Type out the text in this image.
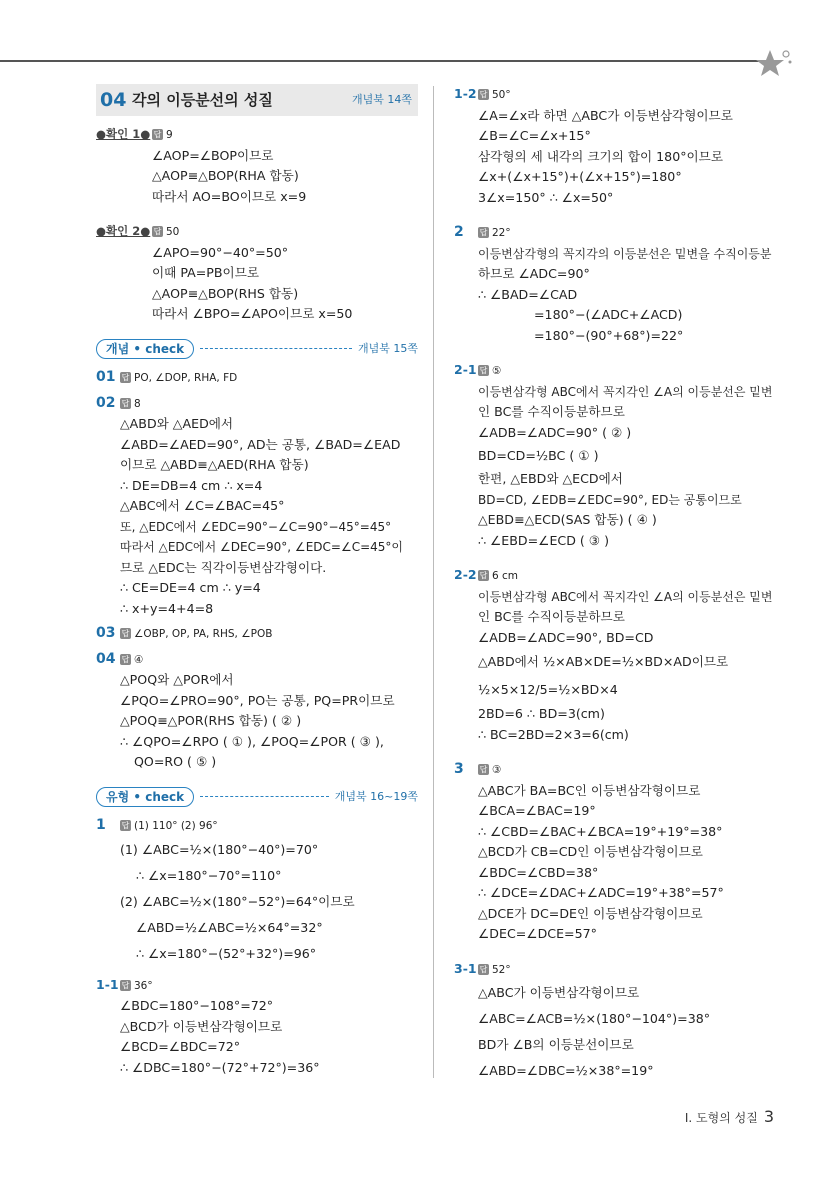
04 각의 이등분선의 성질	개념북 14쪽
●확인 1● 답 9
∠AOP=∠BOP이므로
△AOP≡△BOP(RHA 합동)
따라서 AO=BO이므로 x=9
●확인 2● 답 50
∠APO=90°−40°=50°
이때 PA=PB이므로
△AOP≡△BOP(RHS 합동)
따라서 ∠BPO=∠APO이므로 x=50
개념 • check	개념북 15쪽
01 답 PO, ∠DOP, RHA, FD
02 답 8
△ABD와 △AED에서
∠ABD=∠AED=90°, AD는 공통, ∠BAD=∠EAD
이므로 △ABD≡△AED(RHA 합동)
∴ DE=DB=4 cm ∴ x=4
△ABC에서 ∠C=∠BAC=45°
또, △EDC에서 ∠EDC=90°−∠C=90°−45°=45°
따라서 △EDC에서 ∠DEC=90°, ∠EDC=∠C=45°이
므로 △EDC는 직각이등변삼각형이다.
∴ CE=DE=4 cm ∴ y=4
∴ x+y=4+4=8
03 답 ∠OBP, OP, PA, RHS, ∠POB
04 답 ④
△POQ와 △POR에서
∠PQO=∠PRO=90°, PO는 공통, PQ=PR이므로
△POQ≡△POR(RHS 합동) ( ② )
∴ ∠QPO=∠RPO ( ① ), ∠POQ=∠POR ( ③ ),
QO=RO ( ⑤ )
유형 • check	개념북 16~19쪽
1	답 (1) 110° (2) 96°
(1) ∠ABC=½×(180°−40°)=70°
∴ ∠x=180°−70°=110°
(2) ∠ABC=½×(180°−52°)=64°이므로
∠ABD=½∠ABC=½×64°=32°
∴ ∠x=180°−(52°+32°)=96°
1-1 답 36°
∠BDC=180°−108°=72°
△BCD가 이등변삼각형이므로
∠BCD=∠BDC=72°
∴ ∠DBC=180°−(72°+72°)=36°
1-2 답 50°
∠A=∠x라 하면 △ABC가 이등변삼각형이므로
∠B=∠C=∠x+15°
삼각형의 세 내각의 크기의 합이 180°이므로
∠x+(∠x+15°)+(∠x+15°)=180°
3∠x=150° ∴ ∠x=50°
2	답 22°
이등변삼각형의 꼭지각의 이등분선은 밑변을 수직이등분
하므로 ∠ADC=90°
∴ ∠BAD=∠CAD
=180°−(∠ADC+∠ACD)
=180°−(90°+68°)=22°
2-1 답 ⑤
이등변삼각형 ABC에서 꼭지각인 ∠A의 이등분선은 밑변
인 BC를 수직이등분하므로
∠ADB=∠ADC=90° ( ② )
BD=CD=½BC ( ① )
한편, △EBD와 △ECD에서
BD=CD, ∠EDB=∠EDC=90°, ED는 공통이므로
△EBD≡△ECD(SAS 합동) ( ④ )
∴ ∠EBD=∠ECD ( ③ )
2-2 답 6 cm
이등변삼각형 ABC에서 꼭지각인 ∠A의 이등분선은 밑변
인 BC를 수직이등분하므로
∠ADB=∠ADC=90°, BD=CD
△ABD에서 ½×AB×DE=½×BD×AD이므로
½×5×12/5=½×BD×4
2BD=6 ∴ BD=3(cm)
∴ BC=2BD=2×3=6(cm)
3	답 ③
△ABC가 BA=BC인 이등변삼각형이므로
∠BCA=∠BAC=19°
∴ ∠CBD=∠BAC+∠BCA=19°+19°=38°
△BCD가 CB=CD인 이등변삼각형이므로
∠BDC=∠CBD=38°
∴ ∠DCE=∠DAC+∠ADC=19°+38°=57°
△DCE가 DC=DE인 이등변삼각형이므로
∠DEC=∠DCE=57°
3-1 답 52°
△ABC가 이등변삼각형이므로
∠ABC=∠ACB=½×(180°−104°)=38°
BD가 ∠B의 이등분선이므로
∠ABD=∠DBC=½×38°=19°
I. 도형의 성질 3
